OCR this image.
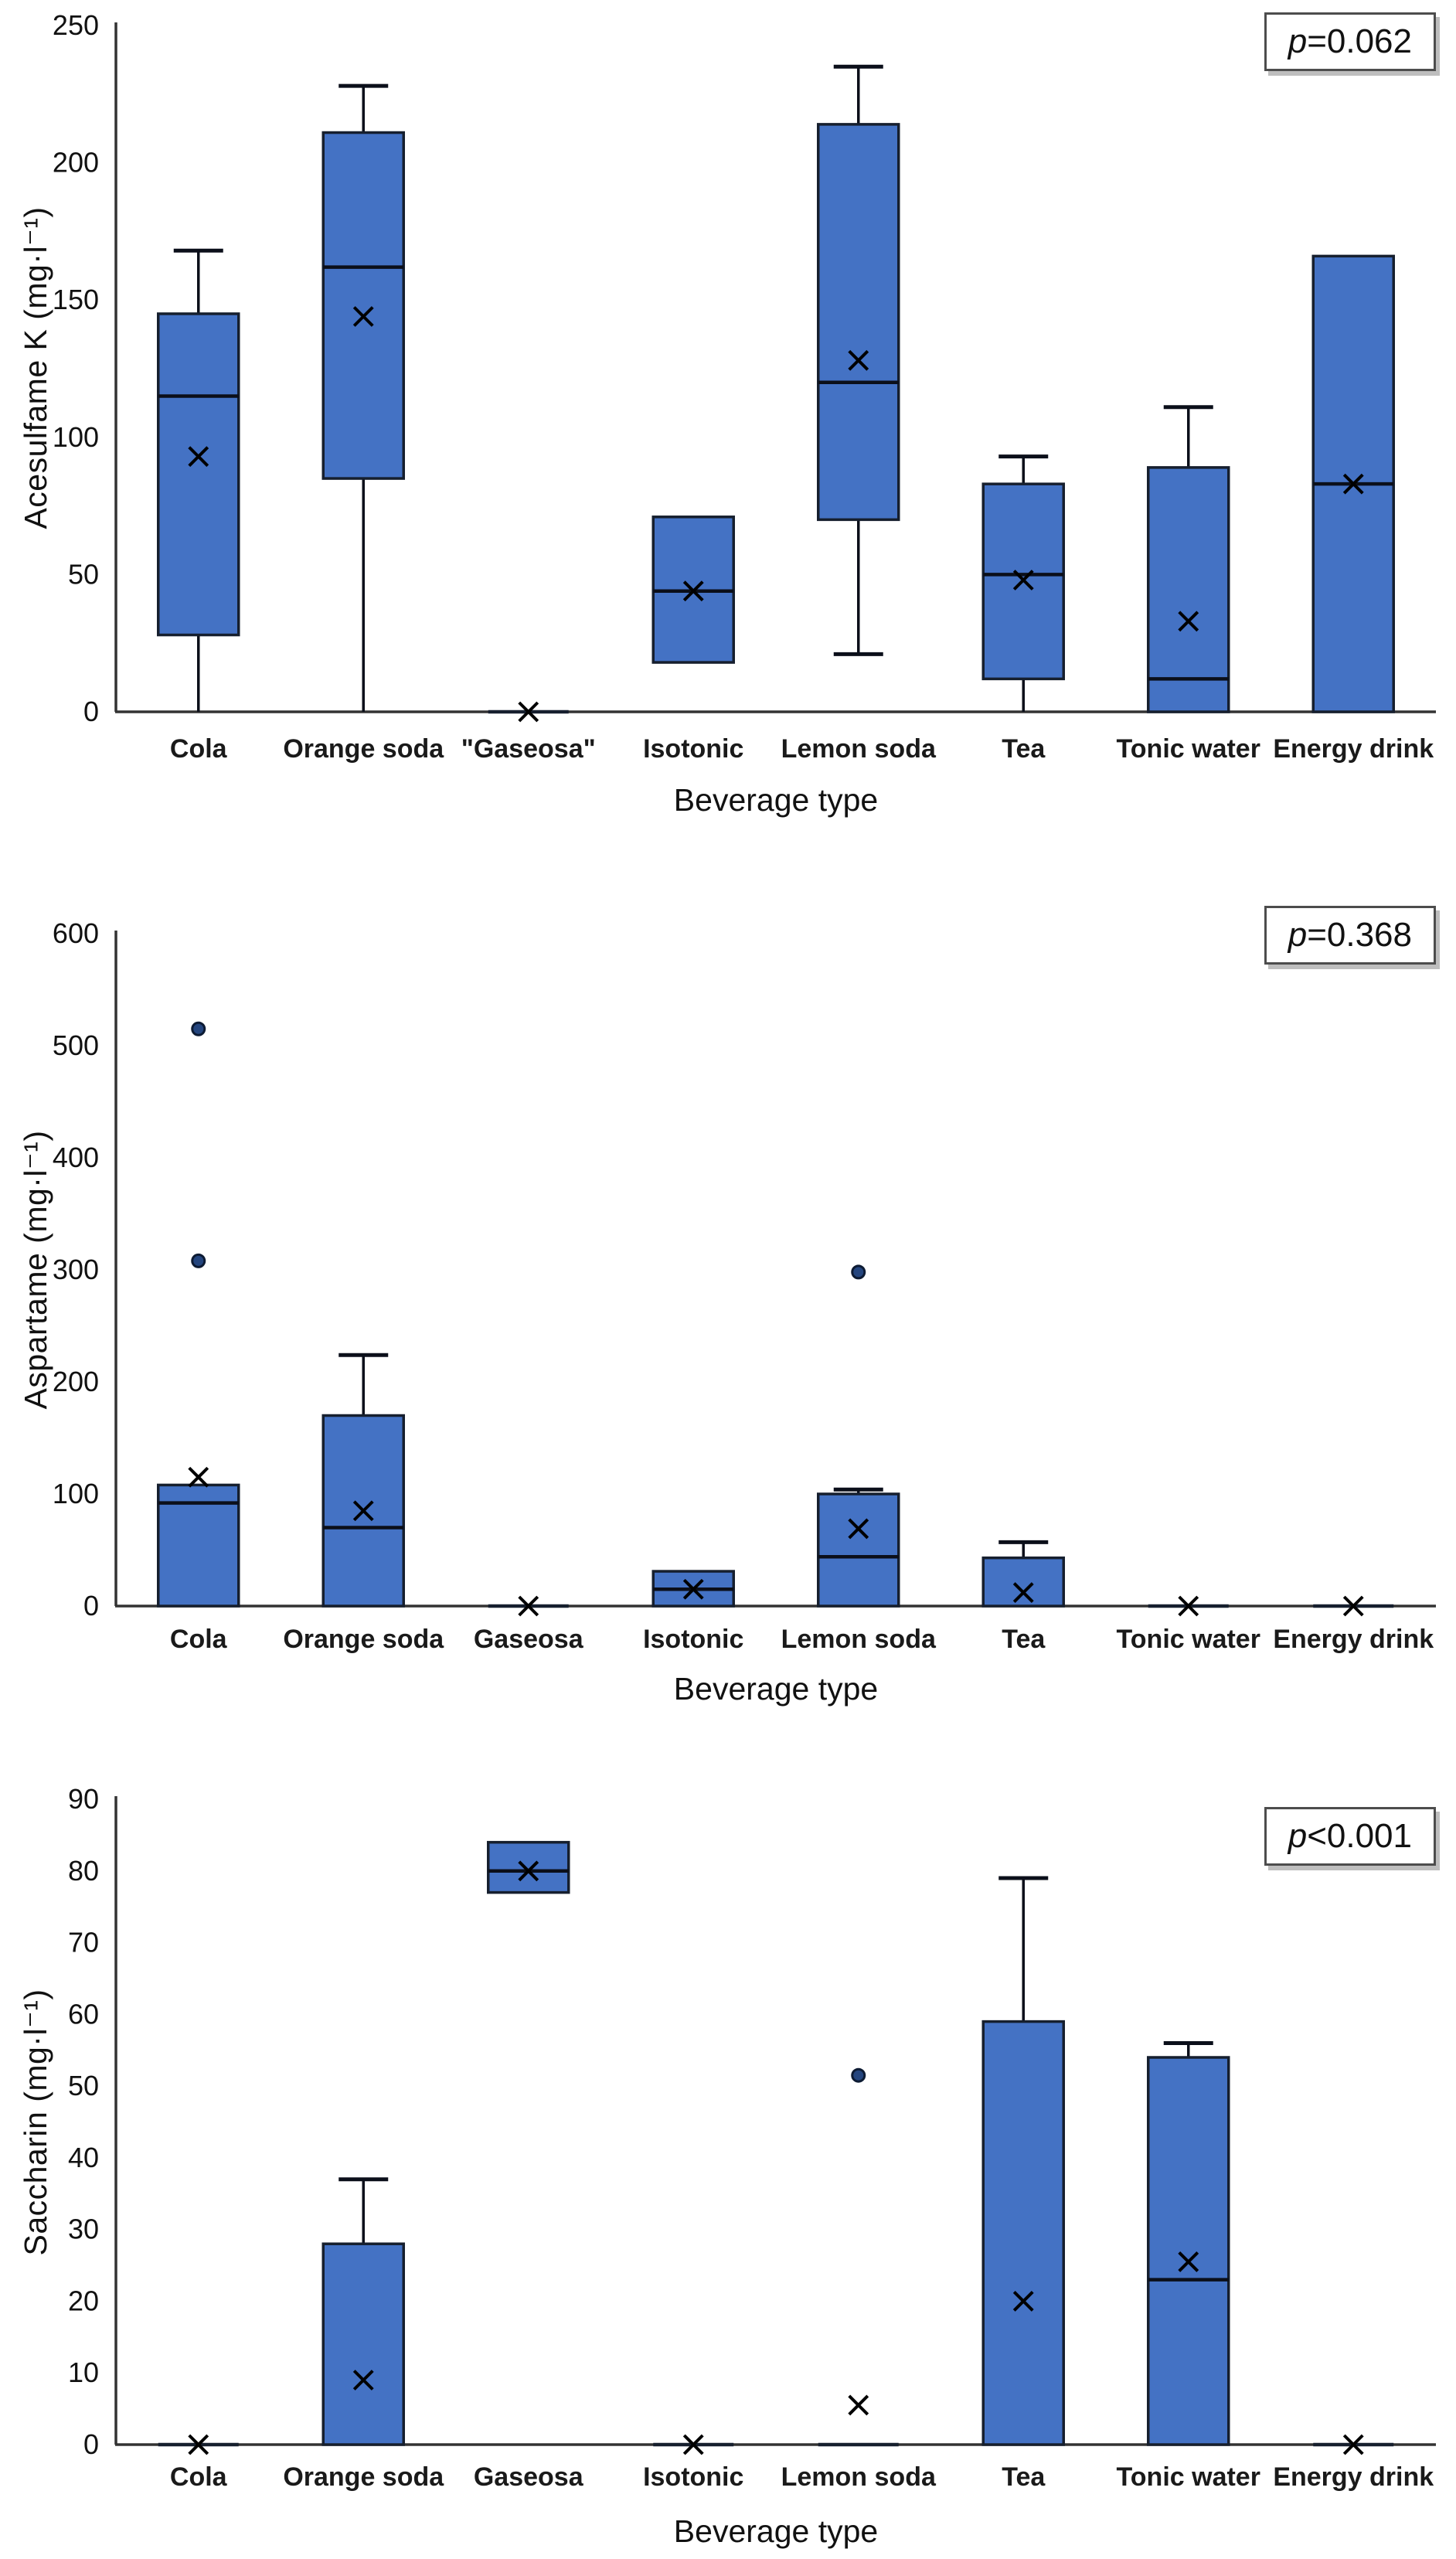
0
50
100
150
200
250
Cola Orange soda "Gaseosa" Isotonic Lemon soda	Tea	Tonic water Energy drink
0
100
200
300
400
500
600
Cola Orange soda Gaseosa Isotonic Lemon soda	Tea	Tonic water Energy drink
0
10
20
30
40
50
60
70
80
90
Cola Orange soda Gaseosa Isotonic Lemon soda	Tea	Tonic water Energy drink
Acesulfame K (mg·l⁻¹)
Aspartame (mg·l⁻¹)
Saccharin (mg·l⁻¹)
Beverage type
Beverage type
Beverage type
p=0.062
p=0.368
p<0.001
